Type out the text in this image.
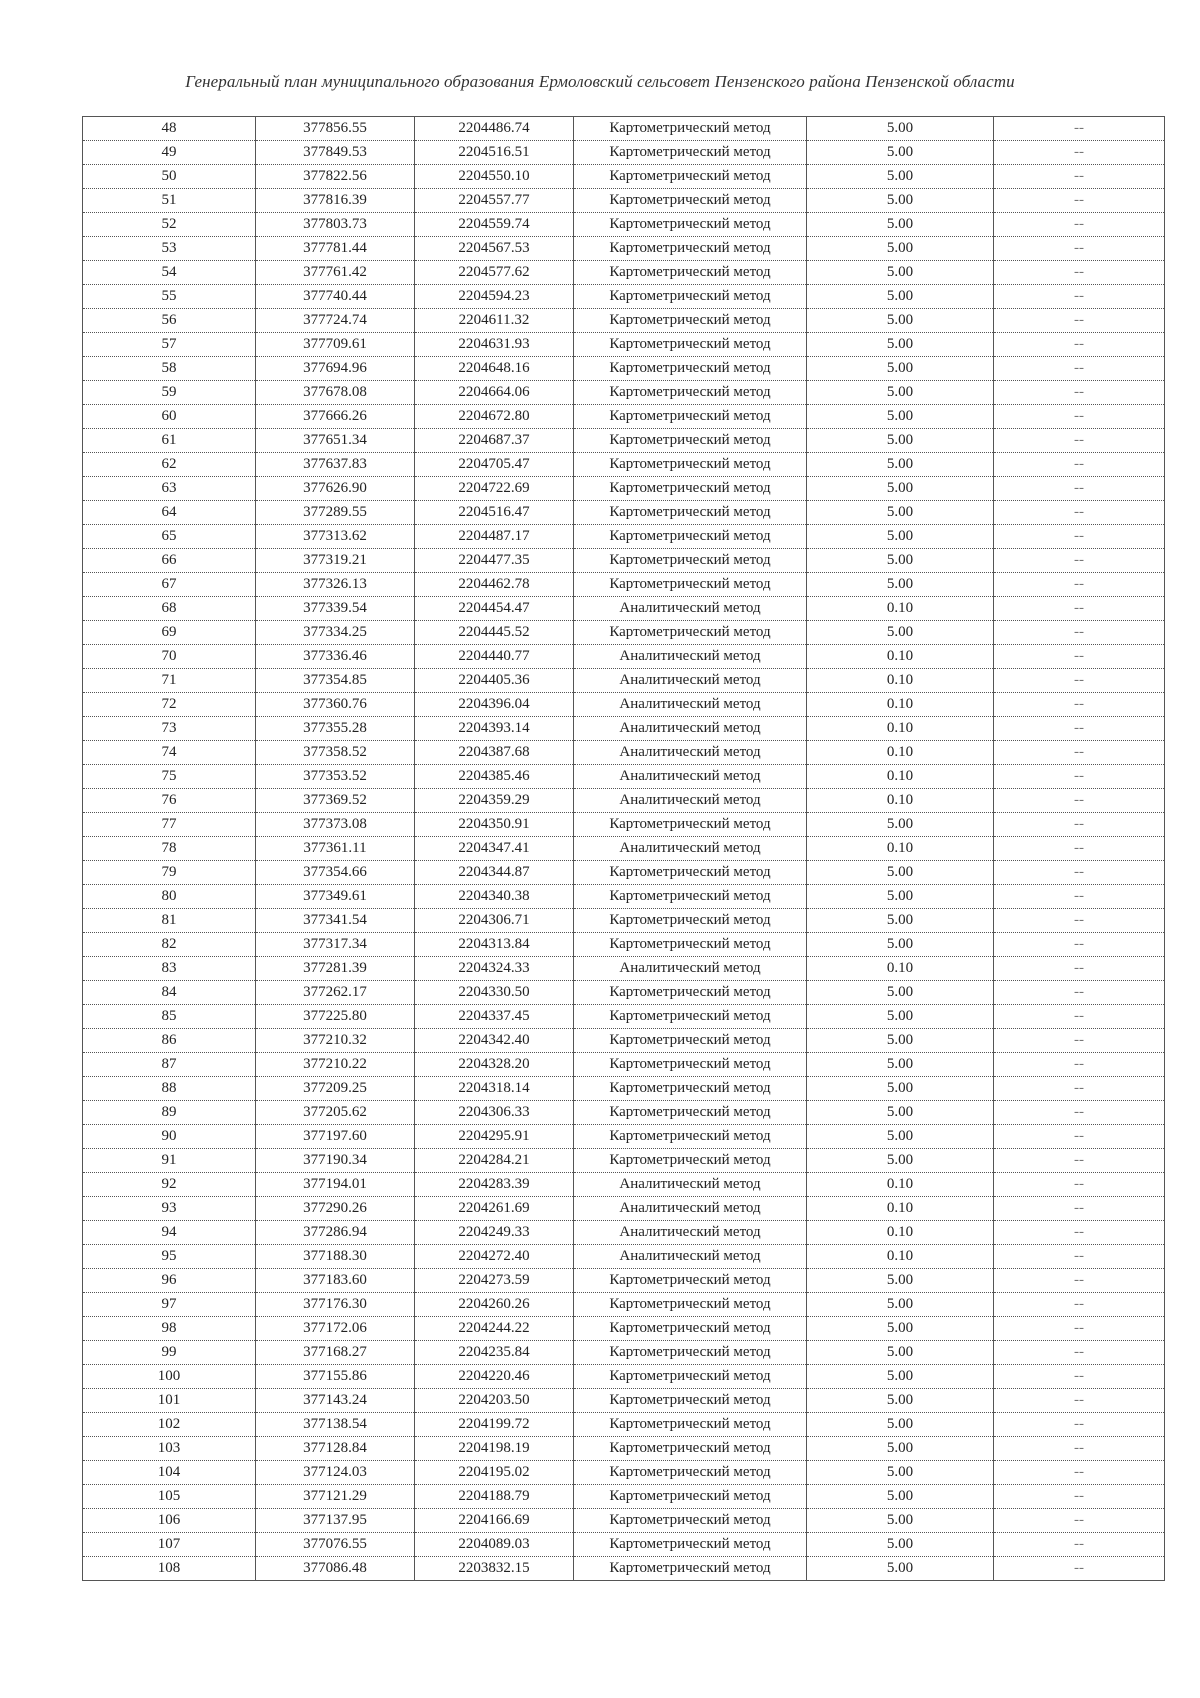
Генеральный план муниципального образования Ермоловский сельсовет Пензенского района Пензенской области
48	377856.55	2204486.74	Картометрический метод	5.00	--
49	377849.53	2204516.51	Картометрический метод	5.00	--
50	377822.56	2204550.10	Картометрический метод	5.00	--
51	377816.39	2204557.77	Картометрический метод	5.00	--
52	377803.73	2204559.74	Картометрический метод	5.00	--
53	377781.44	2204567.53	Картометрический метод	5.00	--
54	377761.42	2204577.62	Картометрический метод	5.00	--
55	377740.44	2204594.23	Картометрический метод	5.00	--
56	377724.74	2204611.32	Картометрический метод	5.00	--
57	377709.61	2204631.93	Картометрический метод	5.00	--
58	377694.96	2204648.16	Картометрический метод	5.00	--
59	377678.08	2204664.06	Картометрический метод	5.00	--
60	377666.26	2204672.80	Картометрический метод	5.00	--
61	377651.34	2204687.37	Картометрический метод	5.00	--
62	377637.83	2204705.47	Картометрический метод	5.00	--
63	377626.90	2204722.69	Картометрический метод	5.00	--
64	377289.55	2204516.47	Картометрический метод	5.00	--
65	377313.62	2204487.17	Картометрический метод	5.00	--
66	377319.21	2204477.35	Картометрический метод	5.00	--
67	377326.13	2204462.78	Картометрический метод	5.00	--
68	377339.54	2204454.47	Аналитический метод	0.10	--
69	377334.25	2204445.52	Картометрический метод	5.00	--
70	377336.46	2204440.77	Аналитический метод	0.10	--
71	377354.85	2204405.36	Аналитический метод	0.10	--
72	377360.76	2204396.04	Аналитический метод	0.10	--
73	377355.28	2204393.14	Аналитический метод	0.10	--
74	377358.52	2204387.68	Аналитический метод	0.10	--
75	377353.52	2204385.46	Аналитический метод	0.10	--
76	377369.52	2204359.29	Аналитический метод	0.10	--
77	377373.08	2204350.91	Картометрический метод	5.00	--
78	377361.11	2204347.41	Аналитический метод	0.10	--
79	377354.66	2204344.87	Картометрический метод	5.00	--
80	377349.61	2204340.38	Картометрический метод	5.00	--
81	377341.54	2204306.71	Картометрический метод	5.00	--
82	377317.34	2204313.84	Картометрический метод	5.00	--
83	377281.39	2204324.33	Аналитический метод	0.10	--
84	377262.17	2204330.50	Картометрический метод	5.00	--
85	377225.80	2204337.45	Картометрический метод	5.00	--
86	377210.32	2204342.40	Картометрический метод	5.00	--
87	377210.22	2204328.20	Картометрический метод	5.00	--
88	377209.25	2204318.14	Картометрический метод	5.00	--
89	377205.62	2204306.33	Картометрический метод	5.00	--
90	377197.60	2204295.91	Картометрический метод	5.00	--
91	377190.34	2204284.21	Картометрический метод	5.00	--
92	377194.01	2204283.39	Аналитический метод	0.10	--
93	377290.26	2204261.69	Аналитический метод	0.10	--
94	377286.94	2204249.33	Аналитический метод	0.10	--
95	377188.30	2204272.40	Аналитический метод	0.10	--
96	377183.60	2204273.59	Картометрический метод	5.00	--
97	377176.30	2204260.26	Картометрический метод	5.00	--
98	377172.06	2204244.22	Картометрический метод	5.00	--
99	377168.27	2204235.84	Картометрический метод	5.00	--
100	377155.86	2204220.46	Картометрический метод	5.00	--
101	377143.24	2204203.50	Картометрический метод	5.00	--
102	377138.54	2204199.72	Картометрический метод	5.00	--
103	377128.84	2204198.19	Картометрический метод	5.00	--
104	377124.03	2204195.02	Картометрический метод	5.00	--
105	377121.29	2204188.79	Картометрический метод	5.00	--
106	377137.95	2204166.69	Картометрический метод	5.00	--
107	377076.55	2204089.03	Картометрический метод	5.00	--
108	377086.48	2203832.15	Картометрический метод	5.00	--
